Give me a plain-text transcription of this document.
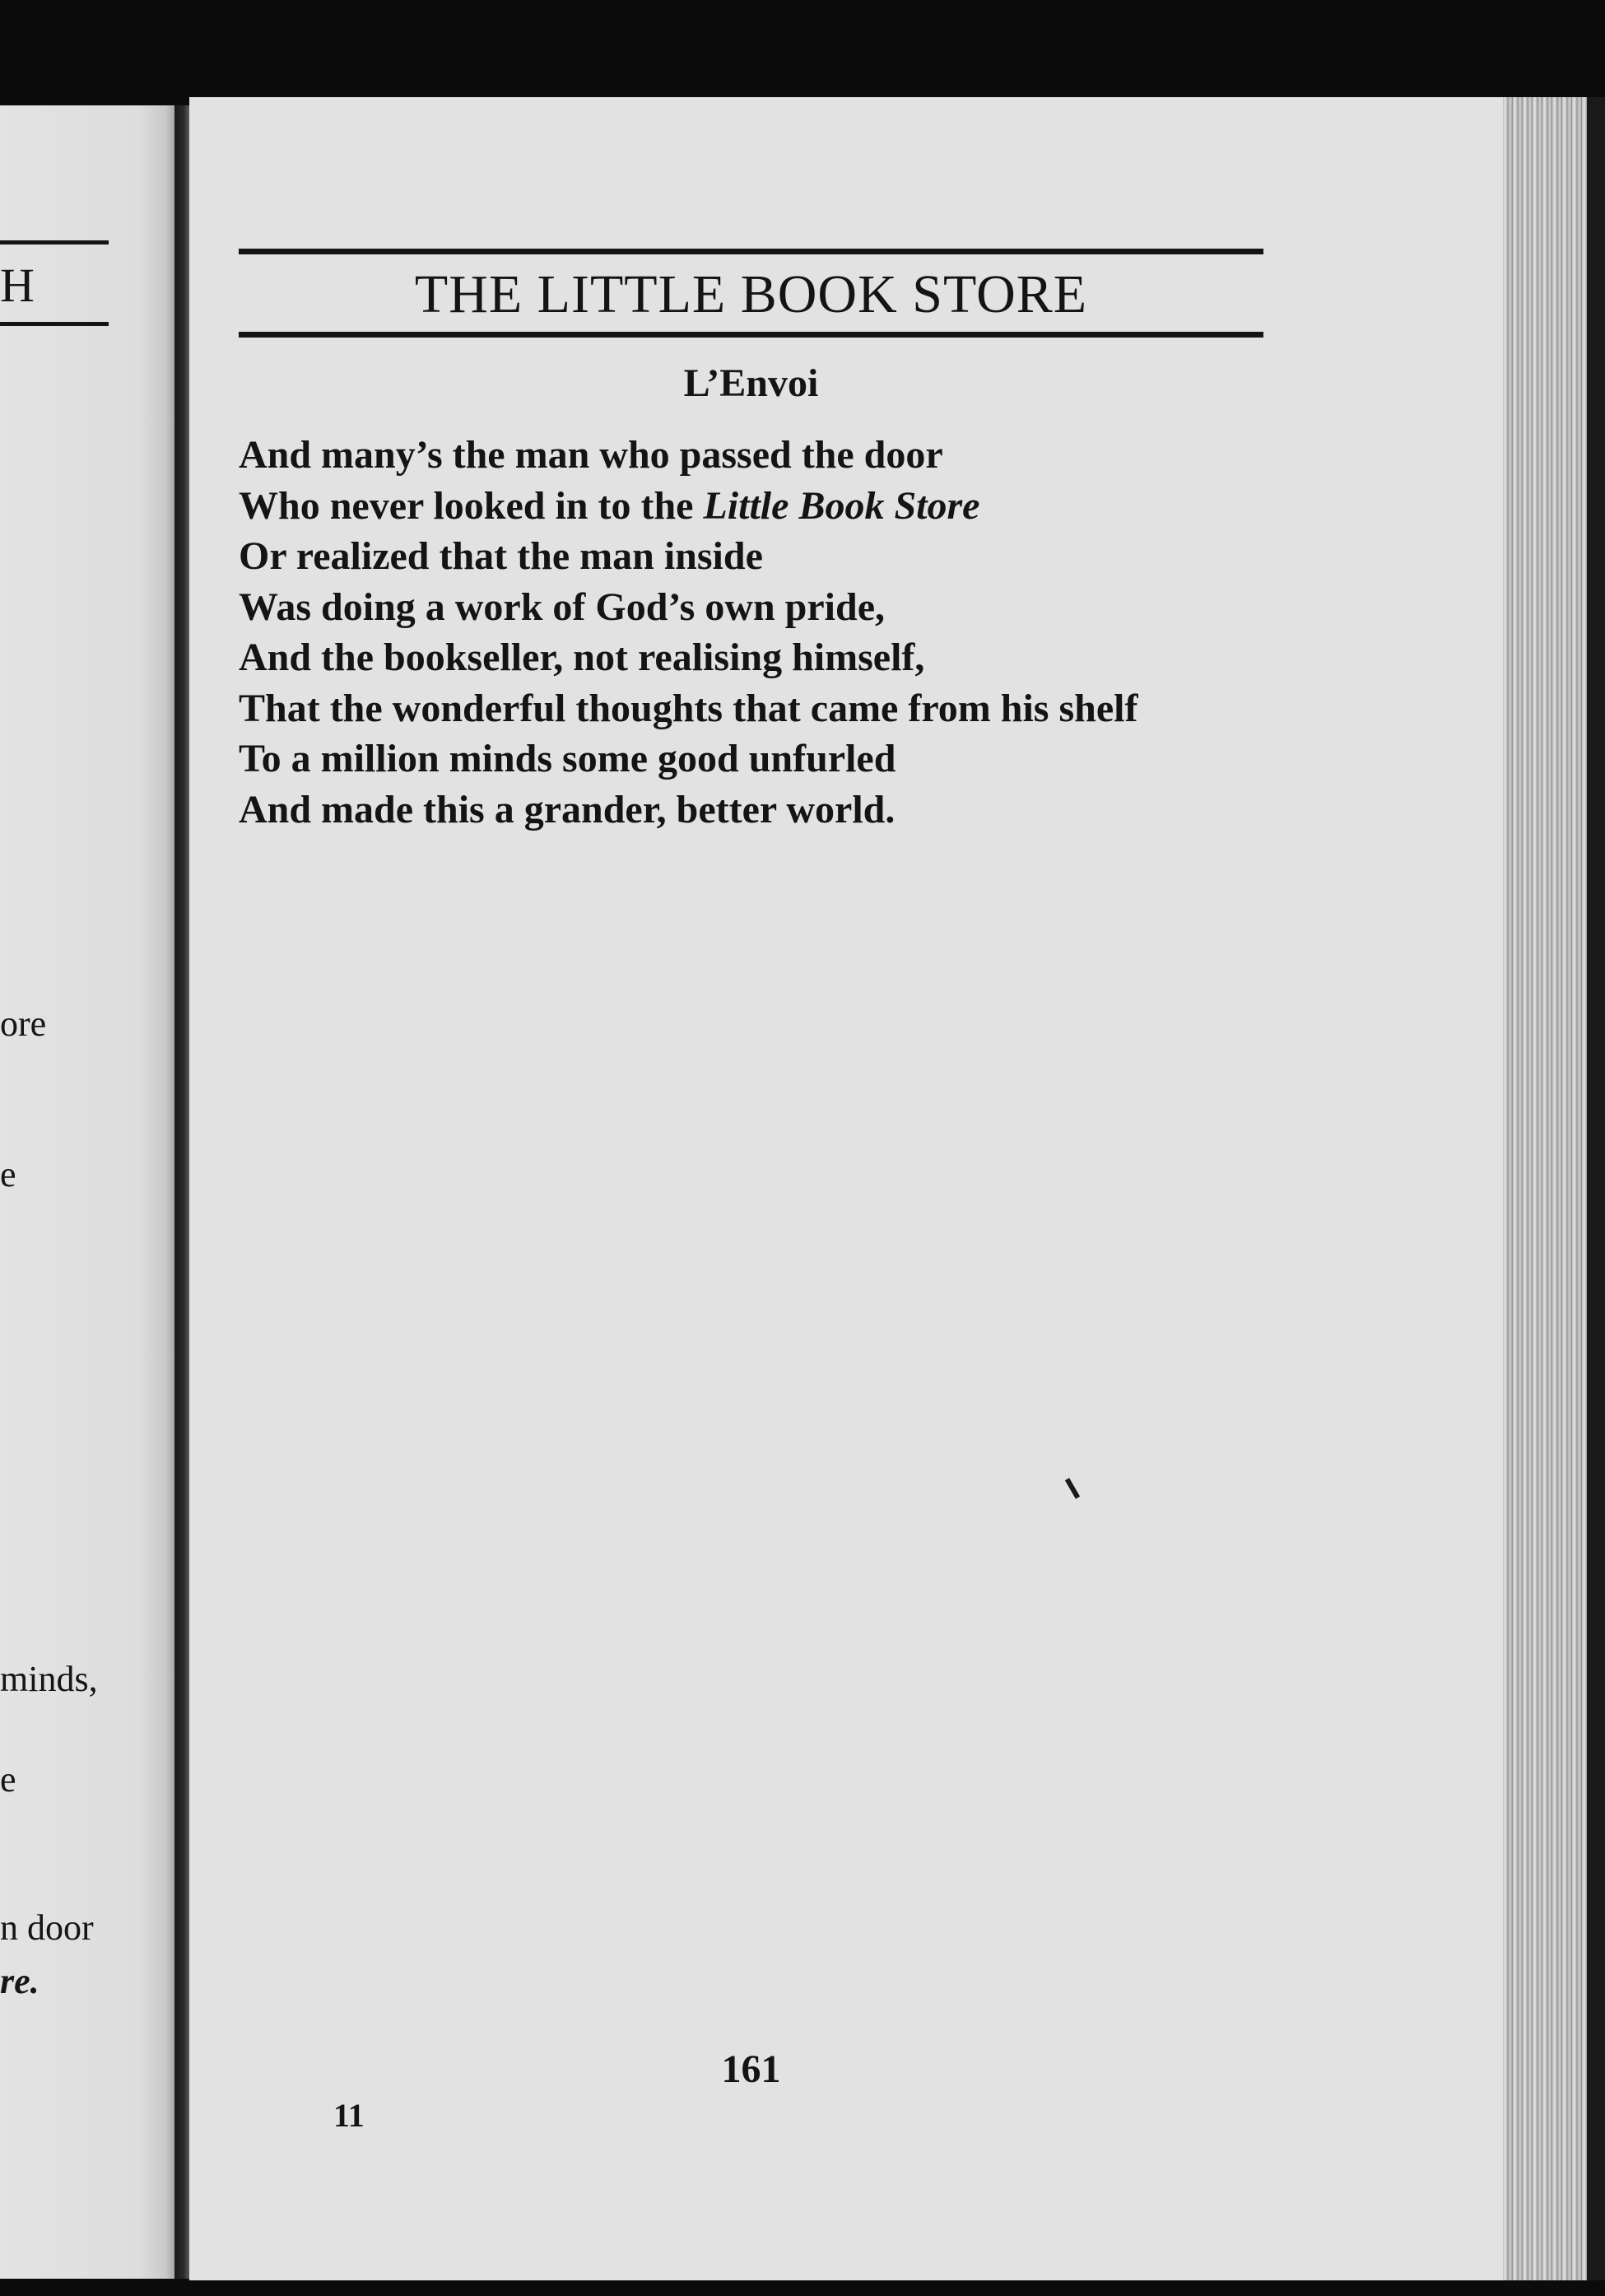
H
ore
e
minds,
e
n door
re.
THE LITTLE BOOK STORE
L’Envoi
And many’s the man who passed the door
Who never looked in to the Little Book Store
Or realized that the man inside
Was doing a work of God’s own pride,
And the bookseller, not realising himself,
That the wonderful thoughts that came from his shelf
To a million minds some good unfurled
And made this a grander, better world.
161
11
